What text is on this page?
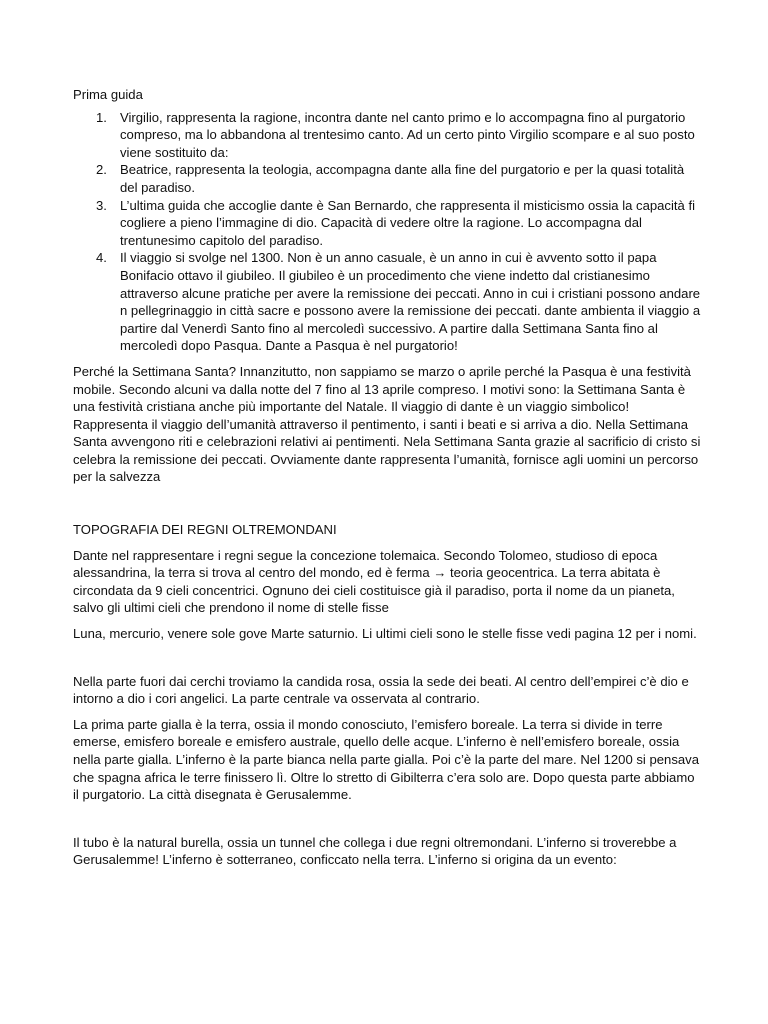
Prima guida
1. Virgilio, rappresenta la ragione, incontra dante nel canto primo e lo accompagna fino al purgatorio compreso, ma lo abbandona al trentesimo canto. Ad un certo pinto Virgilio scompare e al suo posto viene sostituito da:
2. Beatrice, rappresenta la teologia, accompagna dante alla fine del purgatorio e per la quasi totalità del paradiso.
3. L’ultima guida che accoglie dante è San Bernardo, che rappresenta il misticismo ossia la capacità fi cogliere a pieno l’immagine di dio. Capacità di vedere oltre la ragione. Lo accompagna dal trentunesimo capitolo del paradiso.
4. Il viaggio si svolge nel 1300. Non è un anno casuale, è un anno in cui è avvento sotto il papa Bonifacio ottavo il giubileo. Il giubileo è un procedimento che viene indetto dal cristianesimo attraverso alcune pratiche per avere la remissione dei peccati. Anno in cui i cristiani possono andare n pellegrinaggio in città sacre e possono avere la remissione dei peccati. dante ambienta il viaggio a partire dal Venerdì Santo fino al mercoledì successivo. A partire dalla Settimana Santa fino al mercoledì dopo Pasqua. Dante a Pasqua è nel purgatorio!

Perché la Settimana Santa? Innanzitutto, non sappiamo se marzo o aprile perché la Pasqua è una festività mobile. Secondo alcuni va dalla notte del 7 fino al 13 aprile compreso. I motivi sono: la Settimana Santa è una festività cristiana anche più importante del Natale. Il viaggio di dante è un viaggio simbolico! Rappresenta il viaggio dell’umanità attraverso il pentimento, i santi i beati e si arriva a dio. Nella Settimana Santa avvengono riti e celebrazioni relativi ai pentimenti. Nela Settimana Santa grazie al sacrificio di cristo si celebra la remissione dei peccati. Ovviamente dante rappresenta l’umanità, fornisce agli uomini un percorso per la salvezza

TOPOGRAFIA DEI REGNI OLTREMONDANI

Dante nel rappresentare i regni segue la concezione tolemaica. Secondo Tolomeo, studioso di epoca alessandrina, la terra si trova al centro del mondo, ed è ferma → teoria geocentrica. La terra abitata è circondata da 9 cieli concentrici. Ognuno dei cieli costituisce già il paradiso, porta il nome da un pianeta, salvo gli ultimi cieli che prendono il nome di stelle fisse

Luna, mercurio, venere sole gove Marte saturnio. Li ultimi cieli sono le stelle fisse vedi pagina 12 per i nomi.

Nella parte fuori dai cerchi troviamo la candida rosa, ossia la sede dei beati. Al centro dell’empirei c’è dio e intorno a dio i cori angelici. La parte centrale va osservata al contrario.

La prima parte gialla è la terra, ossia il mondo conosciuto, l’emisfero boreale. La terra si divide in terre emerse, emisfero boreale e emisfero australe, quello delle acque. L’inferno è nell’emisfero boreale, ossia nella parte gialla. L’inferno è la parte bianca nella parte gialla. Poi c’è la parte del mare. Nel 1200 si pensava che spagna africa le terre finissero lì. Oltre lo stretto di Gibilterra c’era solo are. Dopo questa parte abbiamo il purgatorio. La città disegnata è Gerusalemme.

Il tubo è la natural burella, ossia un tunnel che collega i due regni oltremondani. L’inferno si troverebbe a Gerusalemme! L’inferno è sotterraneo, conficcato nella terra. L’inferno si origina da un evento:
